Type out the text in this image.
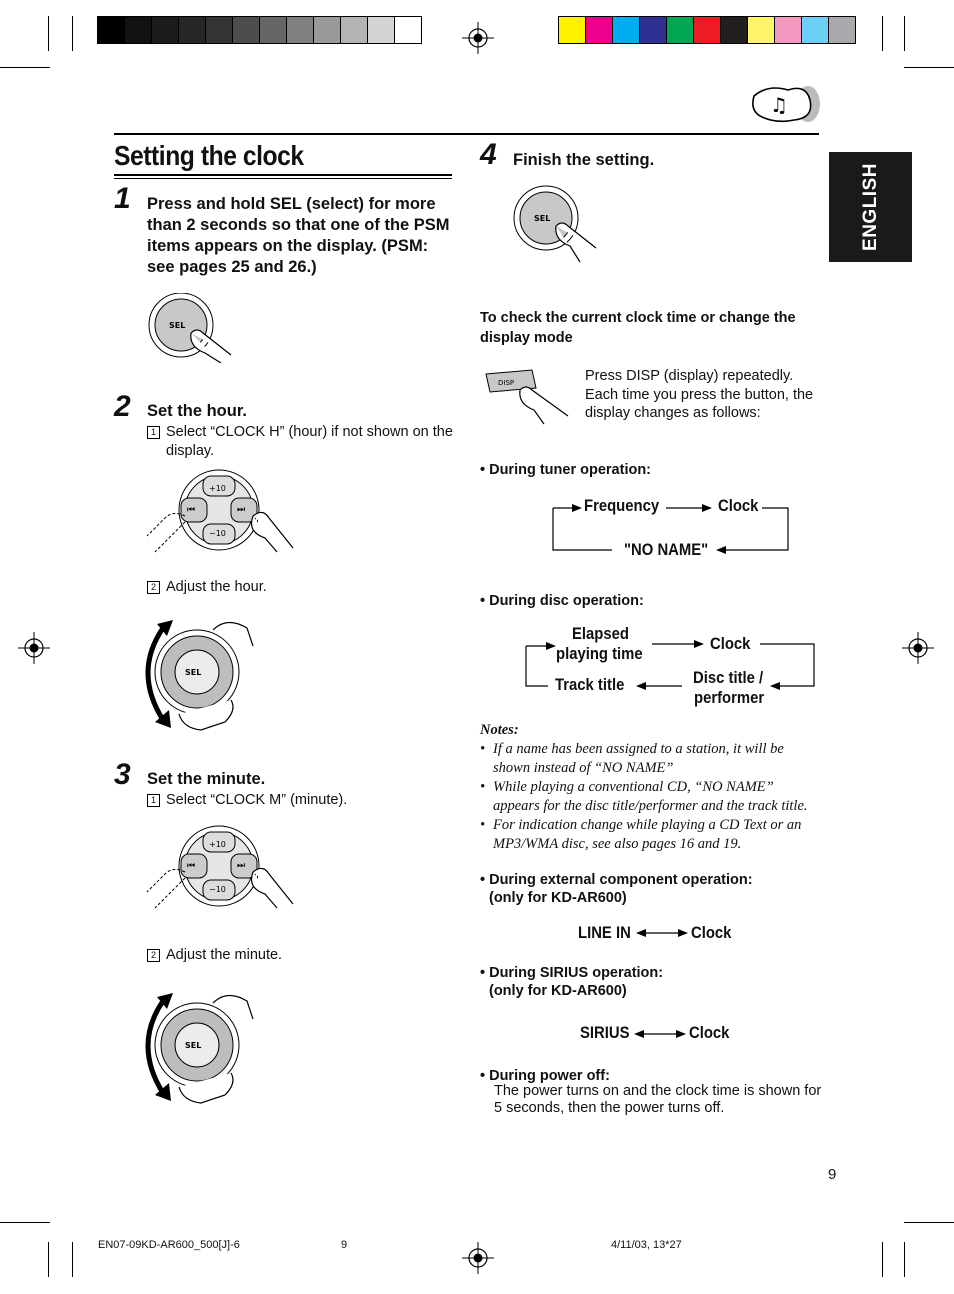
♫
Setting the clock
ENGLISH
1 Press and hold SEL (select) for more than 2 seconds so that one of the PSM items appears on the display. (PSM: see pages 25 and 26.)
SEL
2 Set the hour.
1 Select “CLOCK H” (hour) if not shown on the display.
+10
−10
⏮	⏭
2 Adjust the hour.
SEL
3 Set the minute.
1 Select “CLOCK M” (minute).
+10
−10
⏮	⏭
2 Adjust the minute.
SEL
4 Finish the setting.
SEL
To check the current clock time or change the display mode
DISP	Press DISP (display) repeatedly. Each time you press the button, the display changes as follows:
• During tuner operation:
Frequency	Clock
"NO NAME"
• During disc operation:
Elapsed
playing time
Clock
Track title	Disc title /
performer
Notes:
• If a name has been assigned to a station, it will be shown instead of “NO NAME”
• While playing a conventional CD, “NO NAME” appears for the disc title/performer and the track title.
• For indication change while playing a CD Text or an MP3/WMA disc, see also pages 16 and 19.
• During external component operation:
(only for KD-AR600)
LINE IN	Clock
• During SIRIUS operation:
(only for KD-AR600)
SIRIUS	Clock
• During power off:
The power turns on and the clock time is shown for 5 seconds, then the power turns off.
9
EN07-09KD-AR600_500[J]-6	9	4/11/03, 13*27
